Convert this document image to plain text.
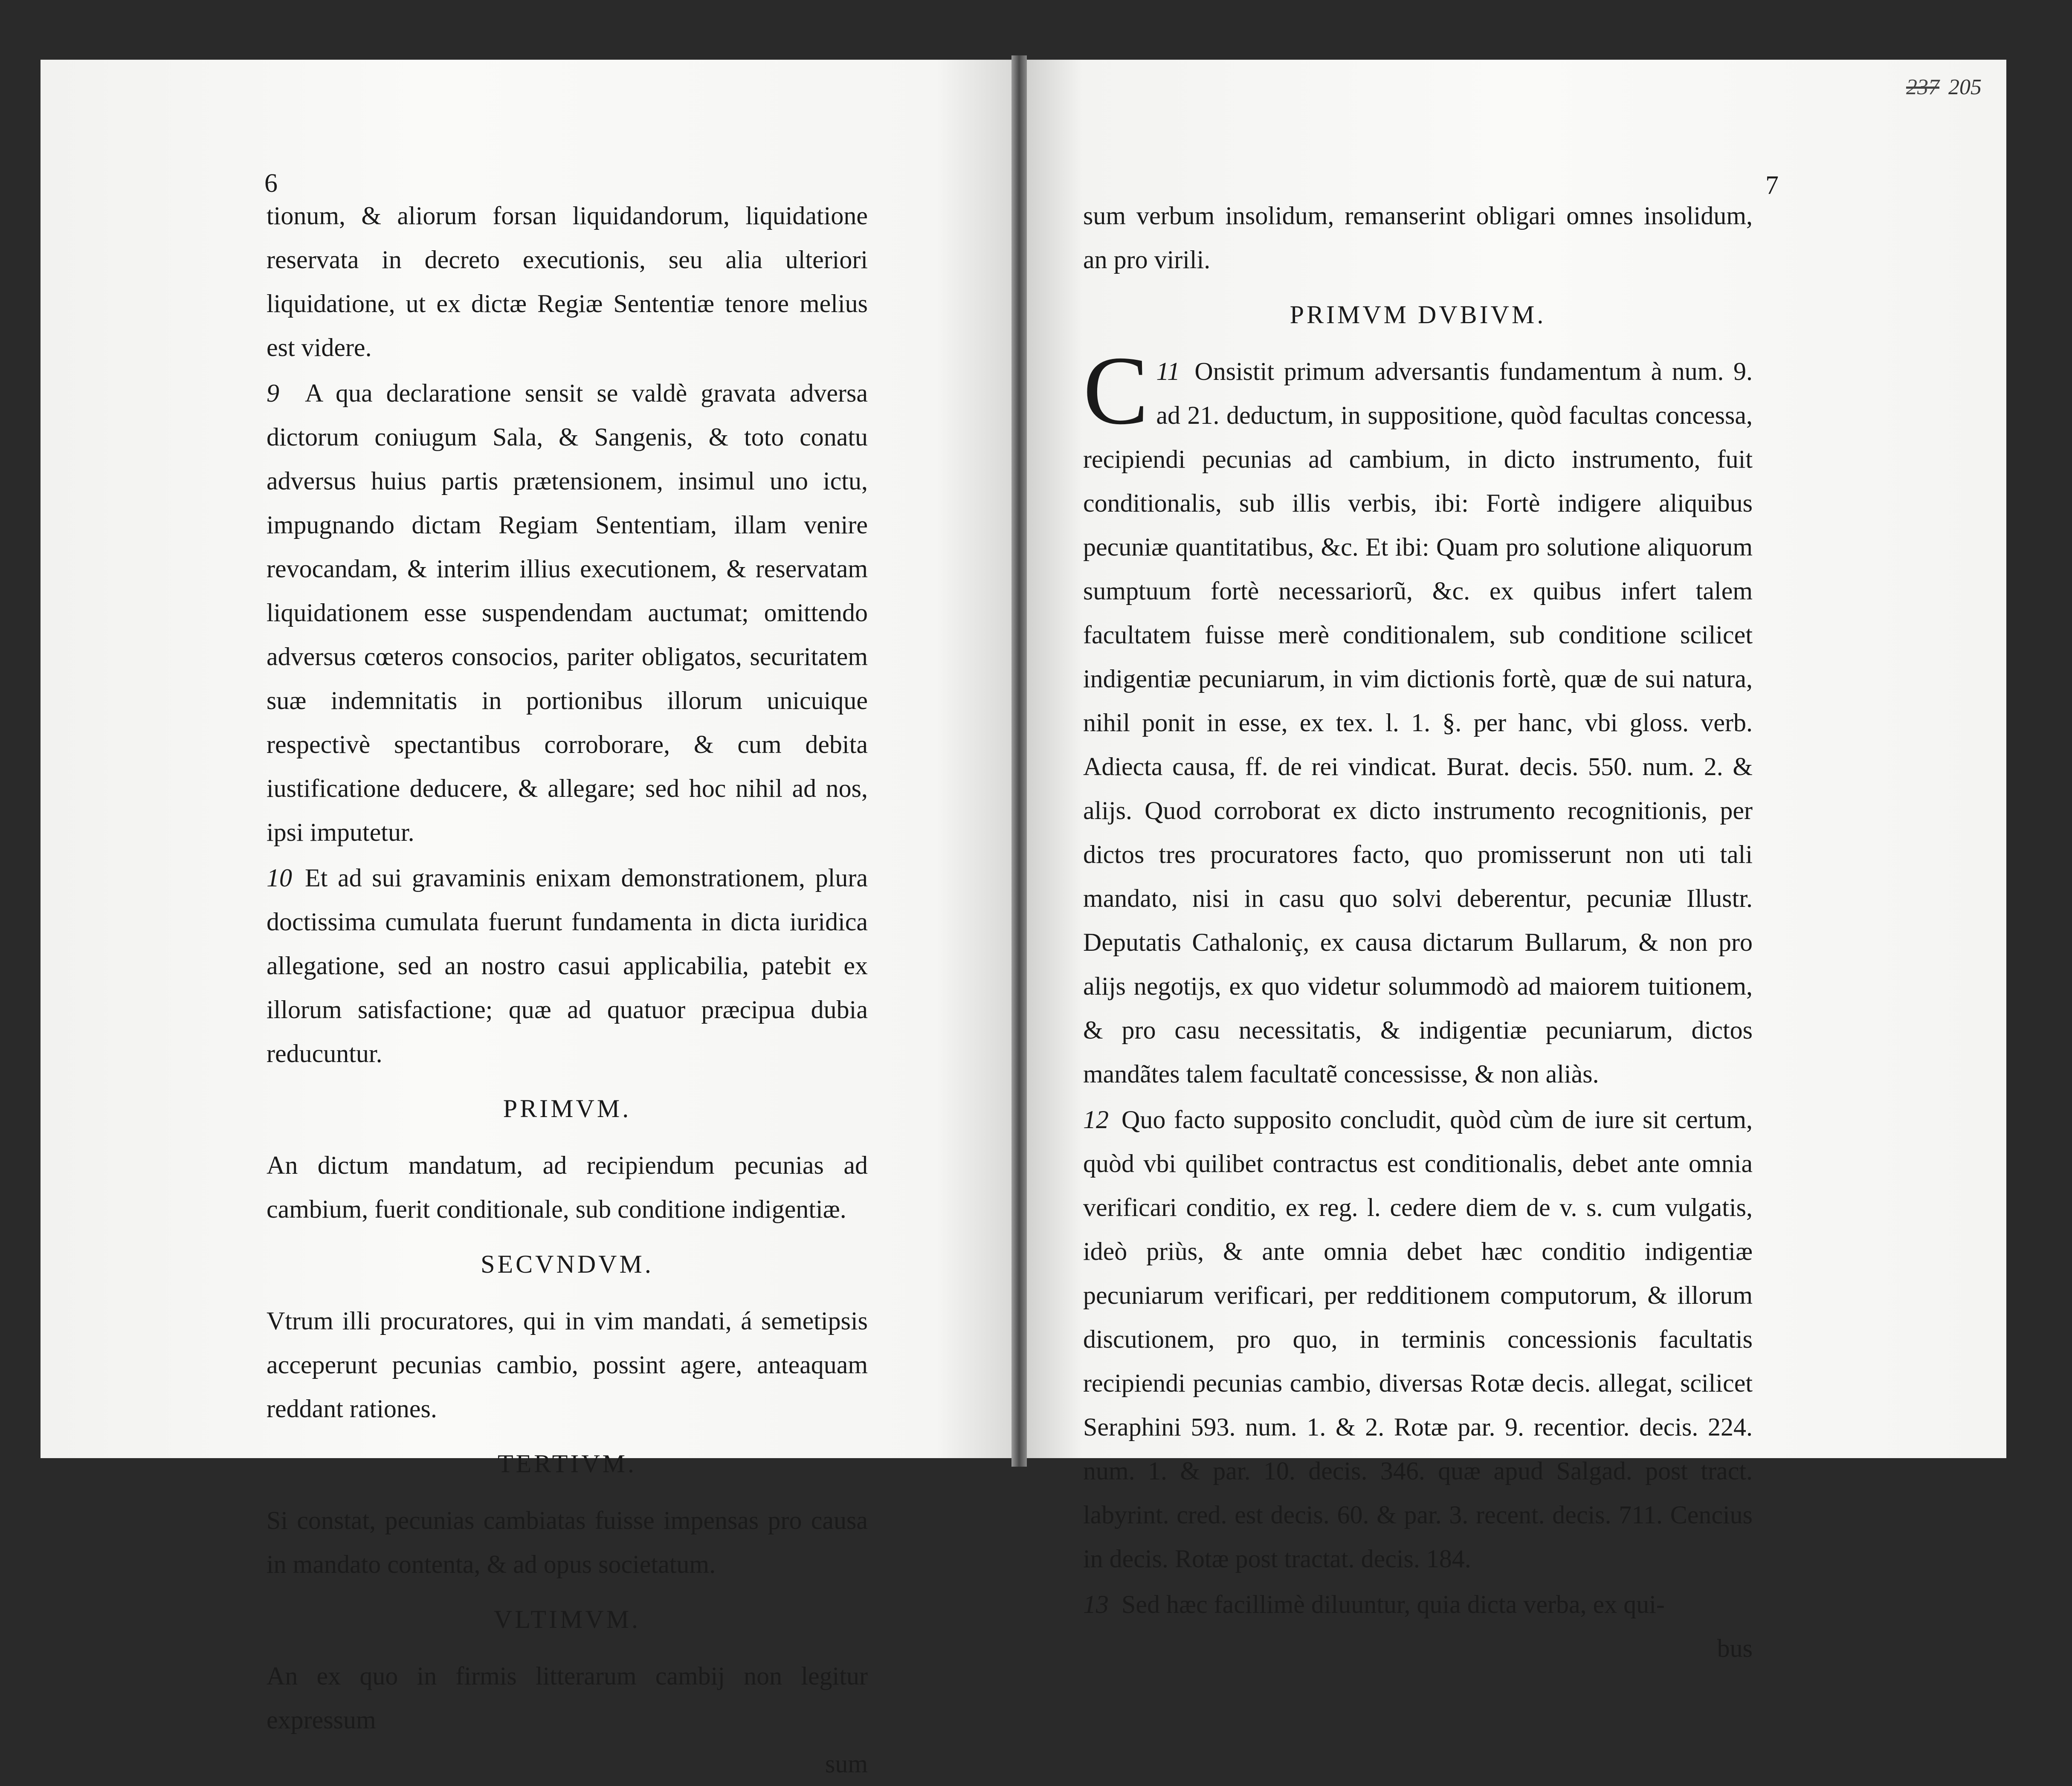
237 205
6	7

tionum, & aliorum forsan liquidandorum, liquidatione reservata in decreto executionis, seu alia ulteriori liquidatione, ut ex dictæ Regiæ Sententiæ tenore melius est videre.

9 A qua declaratione sensit se valdè gravata adversa dictorum coniugum Sala, & Sangenis, & toto conatu adversus huius partis prætensionem, insimul uno ictu, impugnando dictam Regiam Sententiam, illam venire revocandam, & interim illius executionem, & reservatam liquidationem esse suspendendam auctumat; omittendo adversus cœteros consocios, pariter obligatos, securitatem suæ indemnitatis in portionibus illorum unicuique respectivè spectantibus corroborare, & cum debita iustificatione deducere, & allegare; sed hoc nihil ad nos, ipsi imputetur.

10 Et ad sui gravaminis enixam demonstrationem, plura doctissima cumulata fuerunt fundamenta in dicta iuridica allegatione, sed an nostro casui applicabilia, patebit ex illorum satisfactione; quæ ad quatuor præcipua dubia reducuntur.

PRIMVM.

An dictum mandatum, ad recipiendum pecunias ad cambium, fuerit conditionale, sub conditione indigentiæ.

SECVNDVM.

Vtrum illi procuratores, qui in vim mandati, á semetipsis acceperunt pecunias cambio, possint agere, anteaquam reddant rationes.

TERTIVM.

Si constat, pecunias cambiatas fuisse impensas pro causa in mandato contenta, & ad opus societatum.

VLTIMVM.

An ex quo in firmis litterarum cambij non legitur expressum

sum

sum verbum insolidum, remanserint obligari omnes insolidum, an pro virili.

PRIMVM DVBIVM.

11
C Onsistit primum adversantis fundamentum à num. 9. ad 21. deductum, in suppositione, quòd facultas concessa, recipiendi pecunias ad cambium, in dicto instrumento, fuit conditionalis, sub illis verbis, ibi: Fortè indigere aliquibus pecuniæ quantitatibus, &c. Et ibi: Quam pro solutione aliquorum sumptuum fortè necessariorũ, &c. ex quibus infert talem facultatem fuisse merè conditionalem, sub conditione scilicet indigentiæ pecuniarum, in vim dictionis fortè, quæ de sui natura, nihil ponit in esse, ex tex. l. 1. §. per hanc, vbi gloss. verb. Adiecta causa, ff. de rei vindicat. Burat. decis. 550. num. 2. & alijs. Quod corroborat ex dicto instrumento recognitionis, per dictos tres procuratores facto, quo promisserunt non uti tali mandato, nisi in casu quo solvi deberentur, pecuniæ Illustr. Deputatis Cathaloniç, ex causa dictarum Bullarum, & non pro alijs negotijs, ex quo videtur solummodò ad maiorem tuitionem, & pro casu necessitatis, & indigentiæ pecuniarum, dictos mandãtes talem facultatẽ concessisse, & non aliàs.

12 Quo facto supposito concludit, quòd cùm de iure sit certum, quòd vbi quilibet contractus est conditionalis, debet ante omnia verificari conditio, ex reg. l. cedere diem de v. s. cum vulgatis, ideò priùs, & ante omnia debet hæc conditio indigentiæ pecuniarum verificari, per redditionem computorum, & illorum discutionem, pro quo, in terminis concessionis facultatis recipiendi pecunias cambio, diversas Rotæ decis. allegat, scilicet Seraphini 593. num. 1. & 2. Rotæ par. 9. recentior. decis. 224. num. 1. & par. 10. decis. 346. quæ apud Salgad. post tract. labyrint. cred. est decis. 60. & par. 3. recent. decis. 711. Cencius in decis. Rotæ post tractat. decis. 184.

13 Sed hæc facillimè diluuntur, quia dicta verba, ex qui-

bus
